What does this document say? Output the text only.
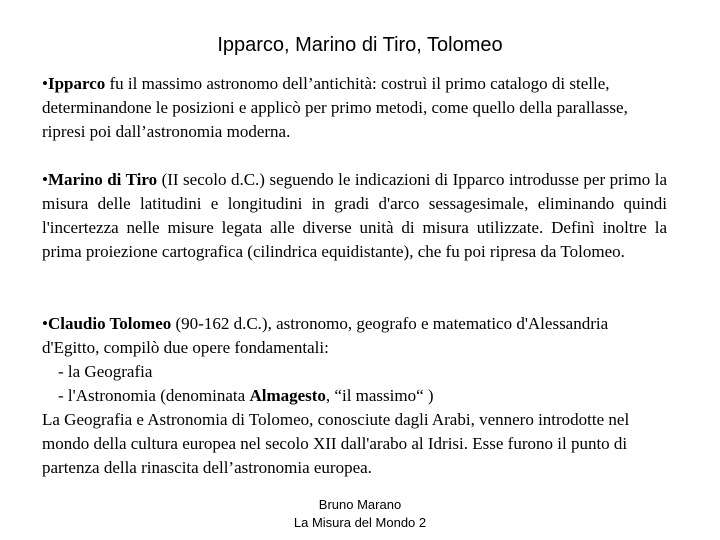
Ipparco, Marino di Tiro, Tolomeo
•Ipparco fu il massimo astronomo dell’antichità: costruì il primo catalogo di stelle, determinandone le posizioni e applicò per primo metodi, come quello della parallasse, ripresi poi dall’astronomia moderna.
•Marino di Tiro (II secolo d.C.) seguendo le indicazioni di Ipparco introdusse per primo la misura delle latitudini e longitudini in gradi d'arco sessagesimale, eliminando quindi l'incertezza nelle misure legata alle diverse unità di misura utilizzate. Definì inoltre la prima proiezione cartografica (cilindrica equidistante), che fu poi ripresa da Tolomeo.
•Claudio Tolomeo (90-162 d.C.), astronomo, geografo e matematico d'Alessandria d'Egitto, compilò due opere fondamentali:
- la Geografia
- l'Astronomia (denominata Almagesto, “il massimo“ )
La Geografia e Astronomia di Tolomeo, conosciute dagli Arabi, vennero introdotte nel mondo della cultura europea nel secolo XII dall'arabo al Idrisi. Esse furono il punto di partenza della rinascita dell’astronomia europea.
Bruno Marano
La Misura del Mondo 2
